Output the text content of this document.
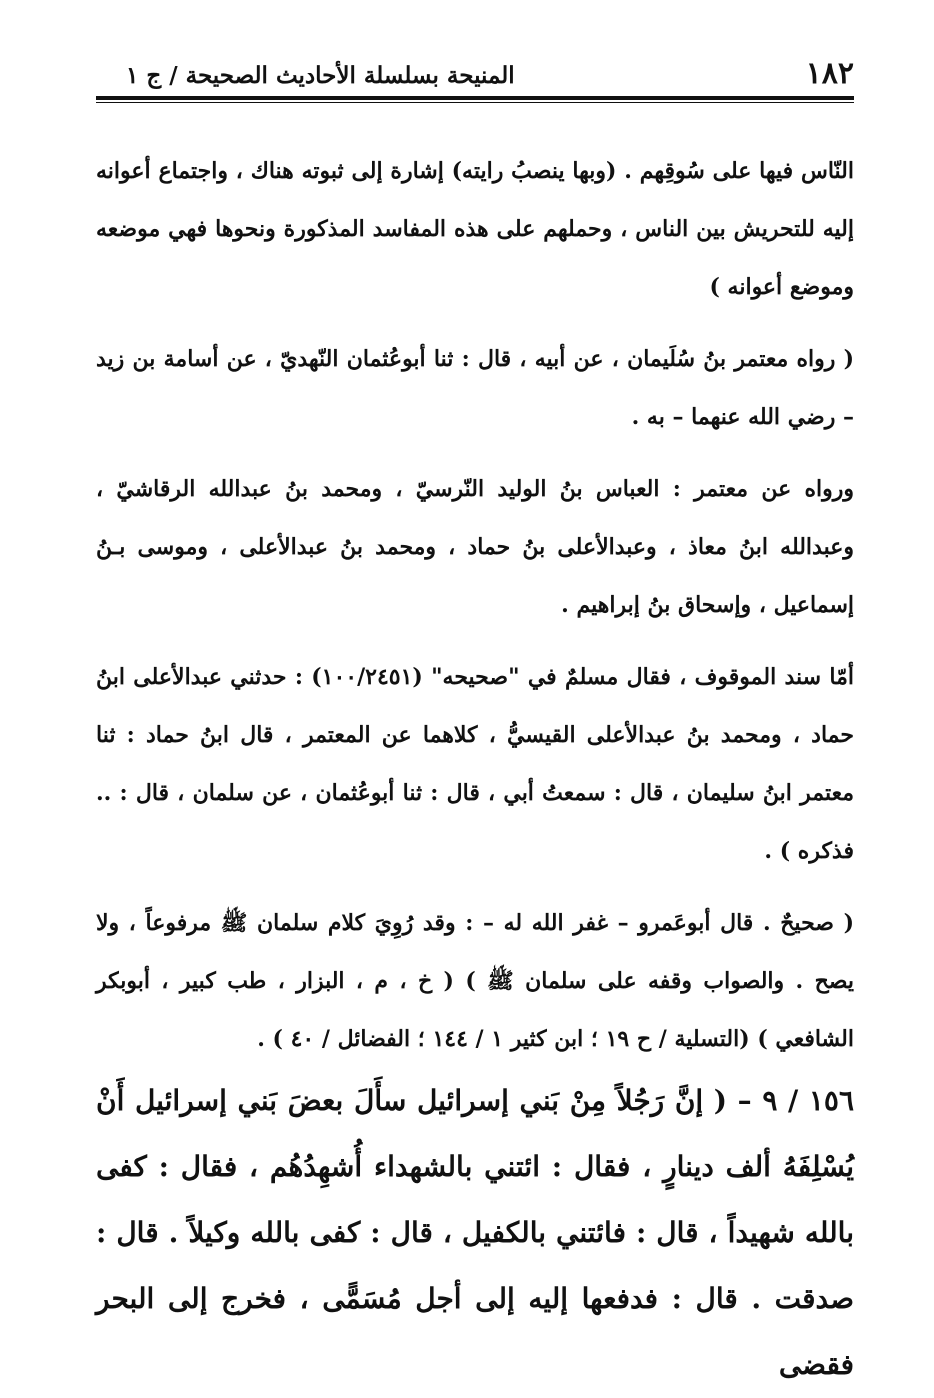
١٨٢
المنيحة بسلسلة الأحاديث الصحيحة / ج ١

النّاس فيها على سُوقِهم . (وبها ينصبُ رايته) إشارة إلى ثبوته هناك ، واجتماع أعوانه إليه للتحريش بين الناس ، وحملهم على هذه المفاسد المذكورة ونحوها فهي موضعه وموضع أعوانه )

( رواه معتمر بنُ سُلَيمان ، عن أبيه ، قال : ثنا أبوعُثمان النّهديّ ، عن أسامة بن زيد – رضي الله عنهما – به .

ورواه عن معتمر : العباس بنُ الوليد النّرسيّ ، ومحمد بنُ عبدالله الرقاشيّ ، وعبدالله ابنُ معاذ ، وعبدالأعلى بنُ حماد ، ومحمد بنُ عبدالأعلى ، وموسى بـنُ إسماعيل ، وإسحاق بنُ إبراهيم .

أمّا سند الموقوف ، فقال مسلمٌ في "صحيحه" (١٠٠/٢٤٥١) : حدثني عبدالأعلى ابنُ حماد ، ومحمد بنُ عبدالأعلى القيسيُّ ، كلاهما عن المعتمر ، قال ابنُ حماد : ثنا معتمر ابنُ سليمان ، قال : سمعتُ أبي ، قال : ثنا أبوعُثمان ، عن سلمان ، قال : .. فذكره ) .

( صحيحٌ . قال أبوعَمرو – غفر الله له – : وقد رُوِيَ كلام سلمان ﷺ مرفوعاً ، ولا يصح . والصواب وقفه على سلمان ﷺ ) ( خ ، م ، البزار ، طب كبير ، أبوبكر الشافعي ) (التسلية / ح ١٩ ؛ ابن كثير ١ / ١٤٤ ؛ الفضائل / ٤٠ ) .

١٥٦ / ٩ – ( إنَّ رَجُلاً مِنْ بَني إسرائيل سأَلَ بعضَ بَني إسرائيل أَنْ يُسْلِفَهُ ألف دينارٍ ، فقال : ائتني بالشهداء أُشهِدُهُم ، فقال : كفى بالله شهيداً ، قال : فائتني بالكفيل ، قال : كفى بالله وكيلاً . قال : صدقت . قال : فدفعها إليه إلى أجل مُسَمًّى ، فخرج إلى البحر فقضى
